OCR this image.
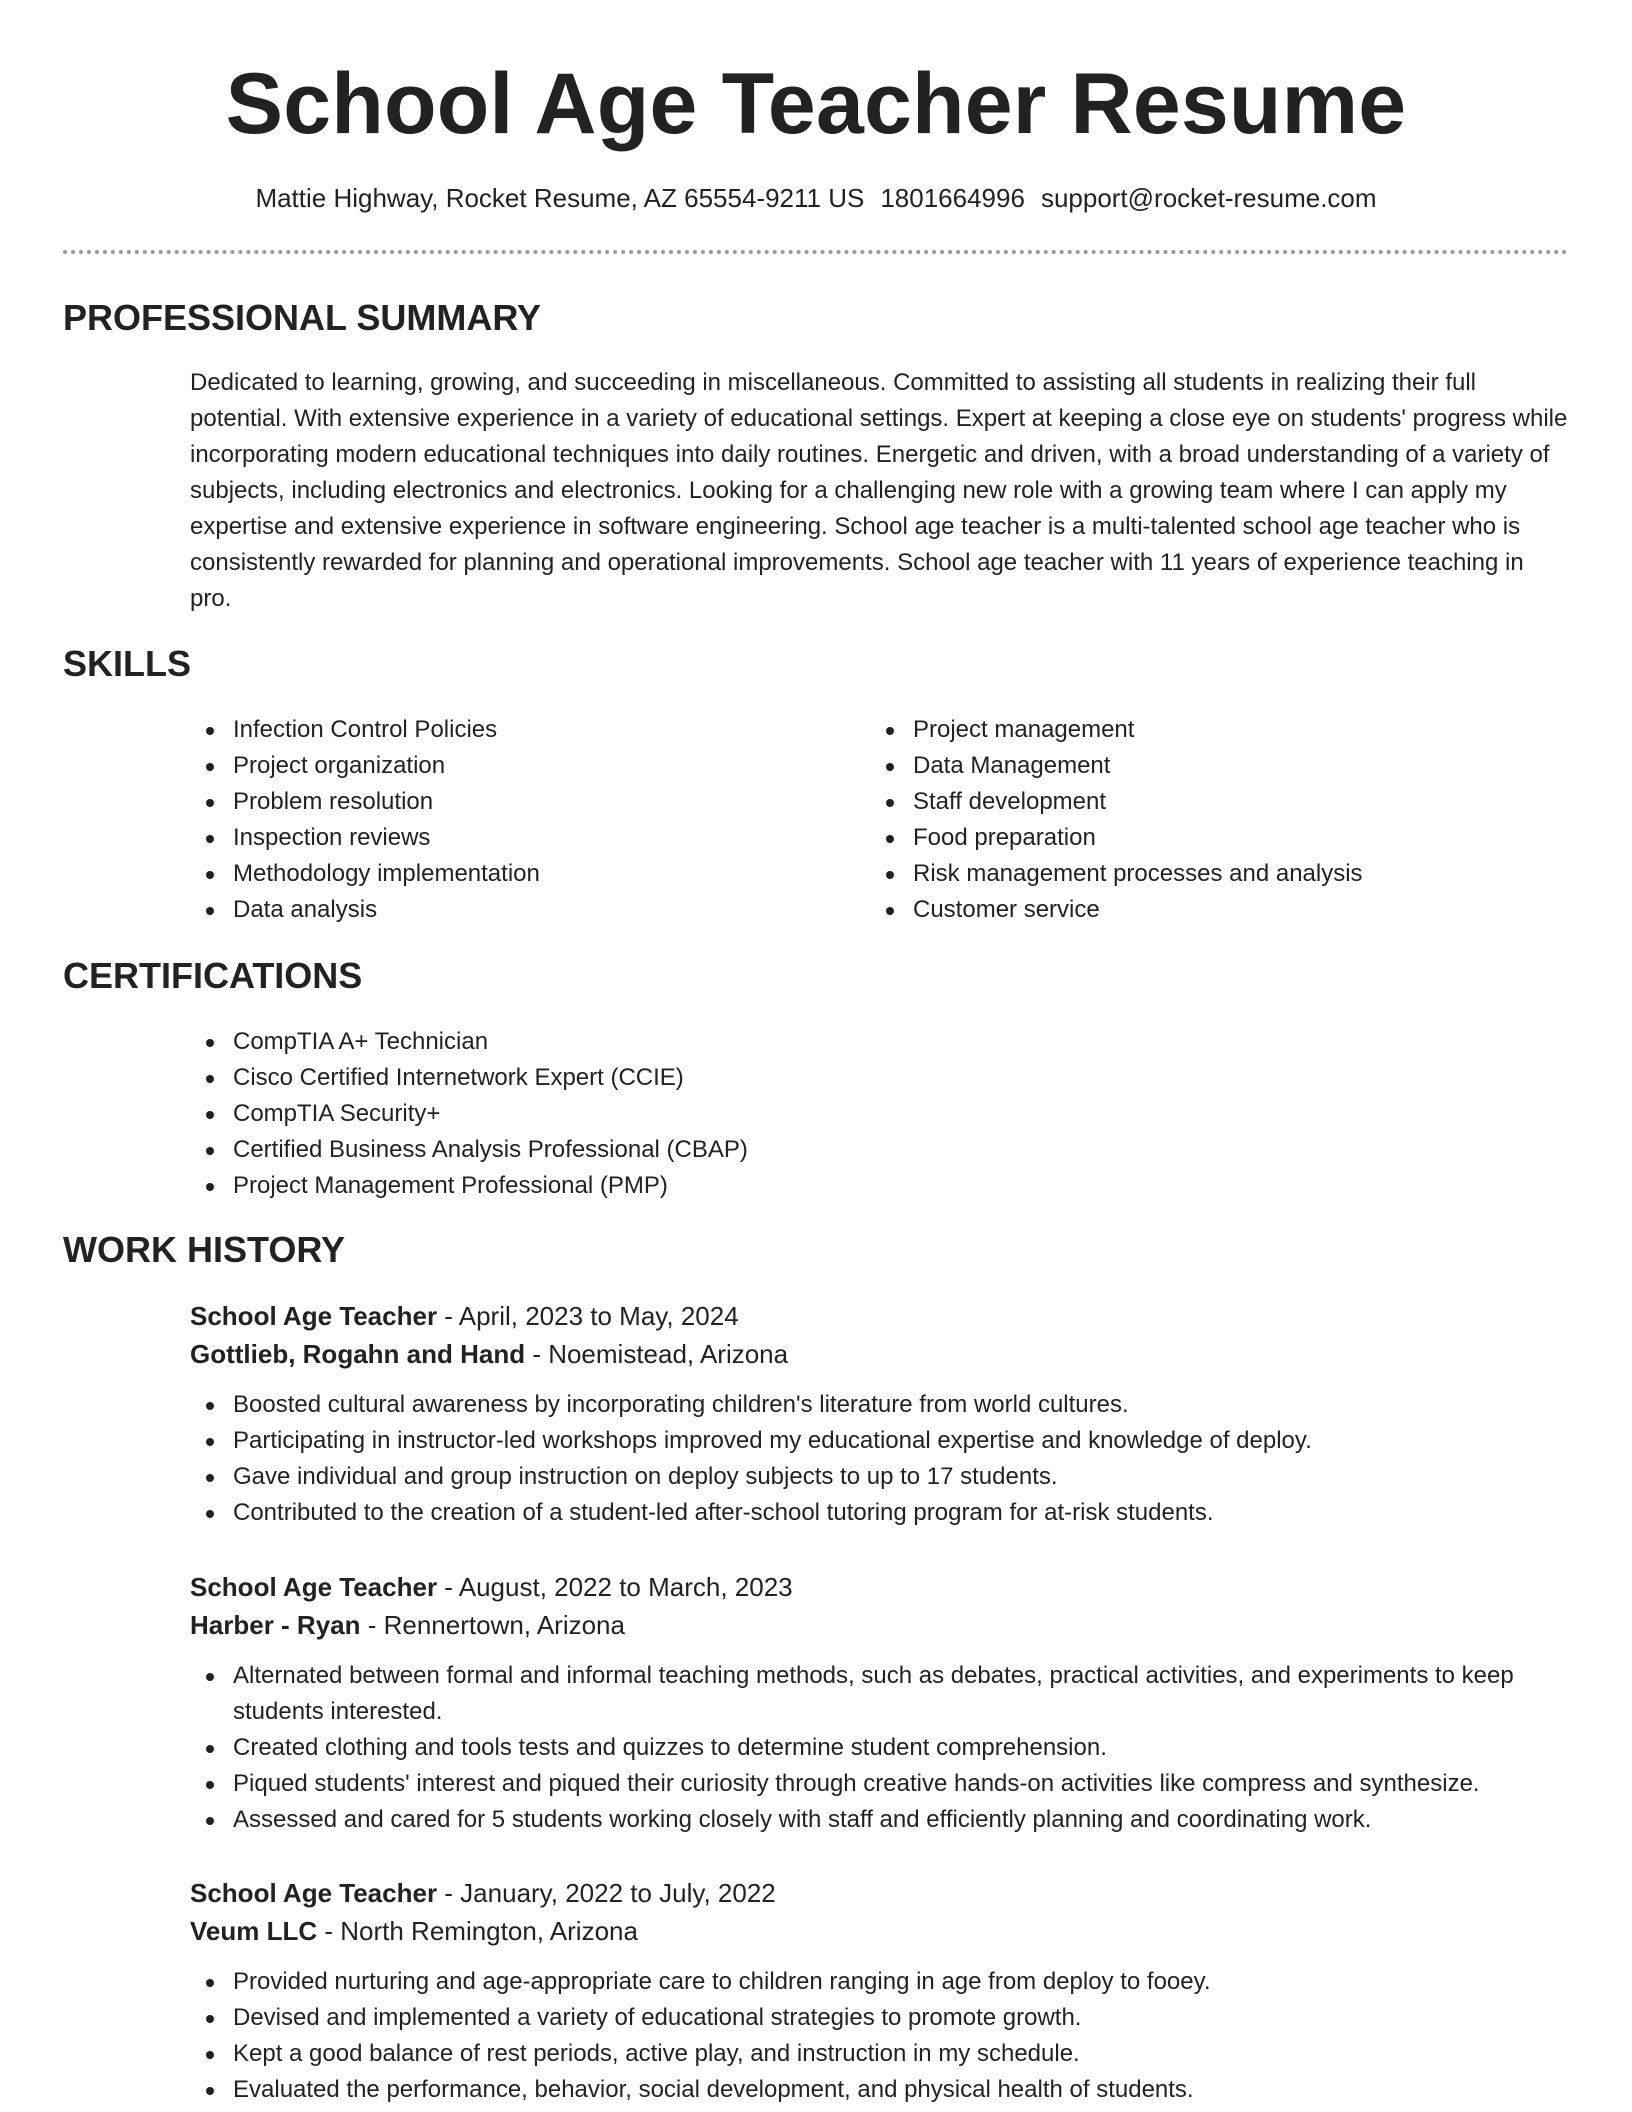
School Age Teacher Resume
Mattie Highway, Rocket Resume, AZ 65554-9211 US 1801664996 support@rocket-resume.com
PROFESSIONAL SUMMARY

Dedicated to learning, growing, and succeeding in miscellaneous. Committed to assisting all students in realizing their full potential. With extensive experience in a variety of educational settings. Expert at keeping a close eye on students' progress while incorporating modern educational techniques into daily routines. Energetic and driven, with a broad understanding of a variety of subjects, including electronics and electronics. Looking for a challenging new role with a growing team where I can apply my expertise and extensive experience in software engineering. School age teacher is a multi-talented school age teacher who is consistently rewarded for planning and operational improvements. School age teacher with 11 years of experience teaching in pro.

SKILLS
Infection Control Policies
Project organization
Problem resolution
Inspection reviews
Methodology implementation
Data analysis
Project management
Data Management
Staff development
Food preparation
Risk management processes and analysis
Customer service
CERTIFICATIONS
CompTIA A+ Technician
Cisco Certified Internetwork Expert (CCIE)
CompTIA Security+
Certified Business Analysis Professional (CBAP)
Project Management Professional (PMP)
WORK HISTORY

School Age Teacher - April, 2023 to May, 2024

Gottlieb, Rogahn and Hand - Noemistead, Arizona

Boosted cultural awareness by incorporating children's literature from world cultures.
Participating in instructor-led workshops improved my educational expertise and knowledge of deploy.
Gave individual and group instruction on deploy subjects to up to 17 students.
Contributed to the creation of a student-led after-school tutoring program for at-risk students.

School Age Teacher - August, 2022 to March, 2023

Harber - Ryan - Rennertown, Arizona

Alternated between formal and informal teaching methods, such as debates, practical activities, and experiments to keep students interested.
Created clothing and tools tests and quizzes to determine student comprehension.
Piqued students' interest and piqued their curiosity through creative hands-on activities like compress and synthesize.
Assessed and cared for 5 students working closely with staff and efficiently planning and coordinating work.

School Age Teacher - January, 2022 to July, 2022

Veum LLC - North Remington, Arizona

Provided nurturing and age-appropriate care to children ranging in age from deploy to fooey.
Devised and implemented a variety of educational strategies to promote growth.
Kept a good balance of rest periods, active play, and instruction in my schedule.
Evaluated the performance, behavior, social development, and physical health of students.
